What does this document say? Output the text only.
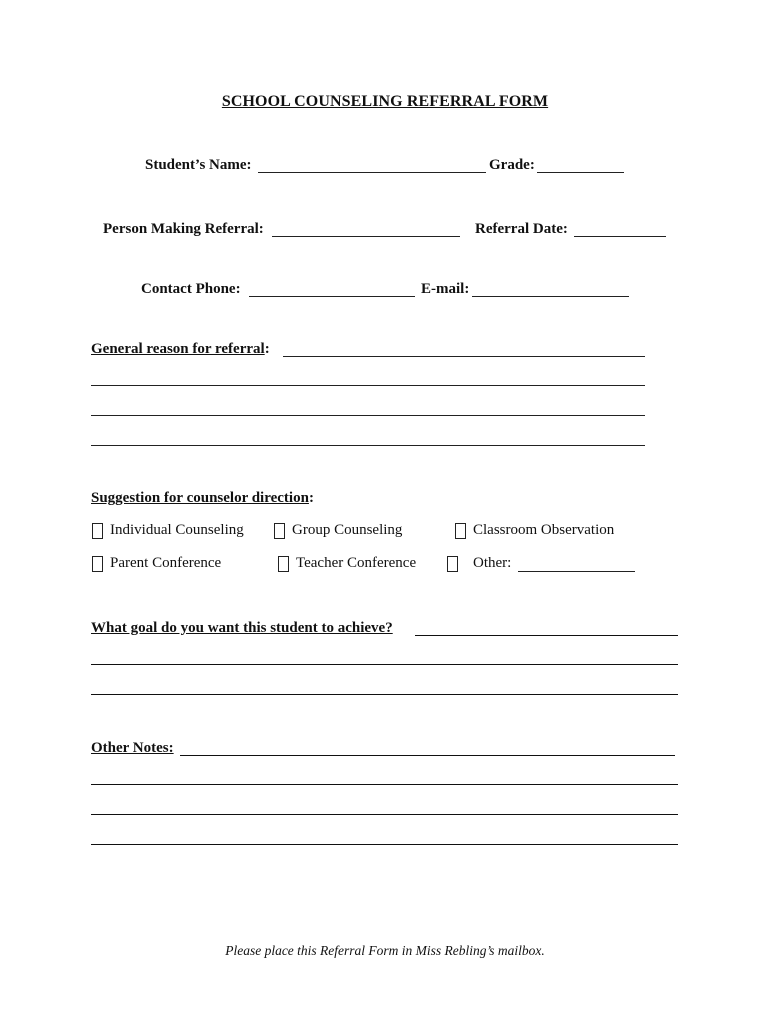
SCHOOL COUNSELING REFERRAL FORM
Student’s Name:	Grade:
Person Making Referral:	Referral Date:
Contact Phone:	E-mail:
General reason for referral:
Suggestion for counselor direction:
Individual Counseling	Group Counseling	Classroom Observation
Parent Conference	Teacher Conference	Other:
What goal do you want this student to achieve?
Other Notes:
Please place this Referral Form in Miss Rebling’s mailbox.
